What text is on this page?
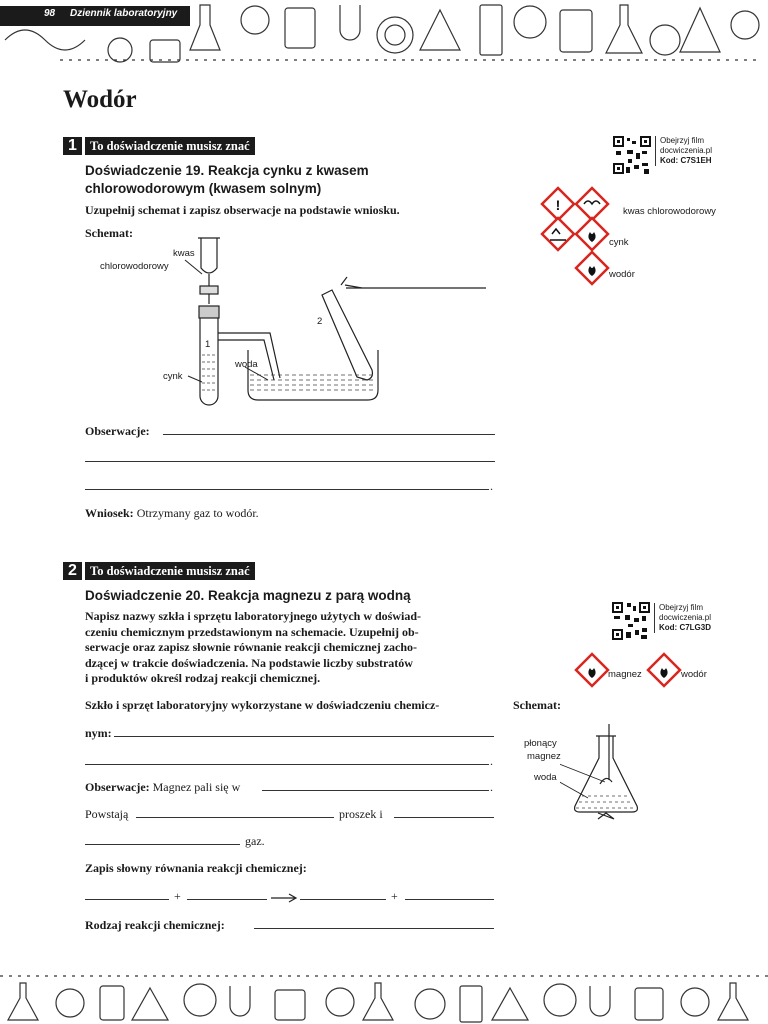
98 Dziennik laboratoryjny
Wodór
1	To doświadczenie musisz znać
Doświadczenie 19. Reakcja cynku z kwasem
chlorowodorowym (kwasem solnym)
Uzupełnij schemat i zapisz obserwacje na podstawie wniosku.
Schemat:
kwas
chlorowodorowy
cynk
woda
1
2
Obserwacje:
.
Wniosek: Otrzymany gaz to wodór.
Obejrzyj film
docwiczenia.pl
Kod: C7S1EH
!	kwas chlorowodorowy
cynk
wodór
2	To doświadczenie musisz znać
Doświadczenie 20. Reakcja magnezu z parą wodną
Napisz nazwy szkła i sprzętu laboratoryjnego użytych w doświad-
czeniu chemicznym przedstawionym na schemacie. Uzupełnij ob-
serwacje oraz zapisz słownie równanie reakcji chemicznej zacho-
dzącej w trakcie doświadczenia. Na podstawie liczby substratów
i produktów określ rodzaj reakcji chemicznej.
Szkło i sprzęt laboratoryjny wykorzystane w doświadczeniu chemicz-
nym:
.
Obserwacje: Magnez pali się w	.
Powstają	proszek i
gaz.
Zapis słowny równania reakcji chemicznej:
+	+
Rodzaj reakcji chemicznej:
Obejrzyj film
docwiczenia.pl
Kod: C7LG3D
magnez	wodór
Schemat:
płonący
magnez
woda
